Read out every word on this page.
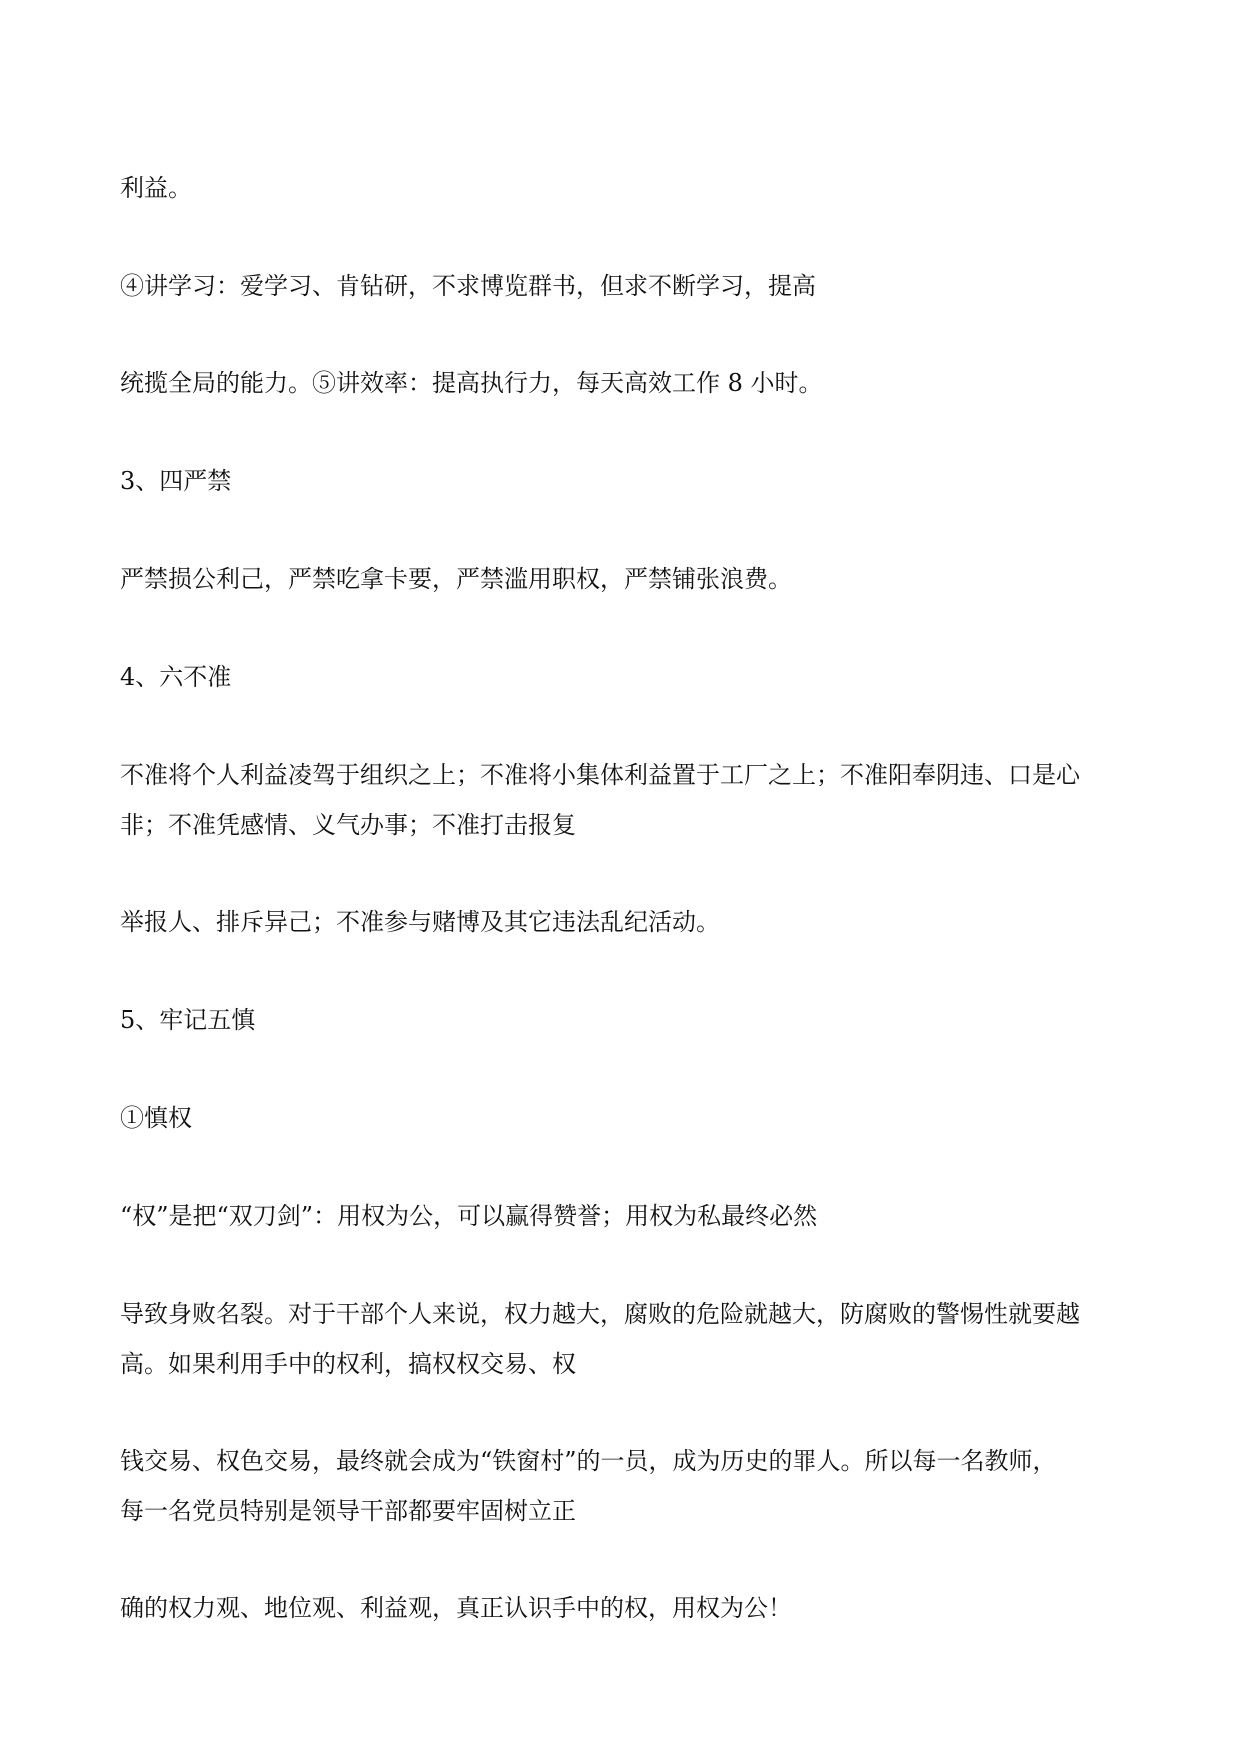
利益。

④讲学习：爱学习、肯钻研，不求博览群书，但求不断学习，提高

统揽全局的能力。⑤讲效率：提高执行力，每天高效工作 8 小时。

3、四严禁

严禁损公利己，严禁吃拿卡要，严禁滥用职权，严禁铺张浪费。

4、六不准

不准将个人利益凌驾于组织之上；不准将小集体利益置于工厂之上；不准阳奉阴违、口是心

非；不准凭感情、义气办事；不准打击报复

举报人、排斥异己；不准参与赌博及其它违法乱纪活动。

5、牢记五慎

①慎权

“权”是把“双刀剑”：用权为公，可以赢得赞誉；用权为私最终必然

导致身败名裂。对于干部个人来说，权力越大，腐败的危险就越大，防腐败的警惕性就要越

高。如果利用手中的权利，搞权权交易、权

钱交易、权色交易，最终就会成为“铁窗村”的一员，成为历史的罪人。所以每一名教师，

每一名党员特别是领导干部都要牢固树立正

确的权力观、地位观、利益观，真正认识手中的权，用权为公！
